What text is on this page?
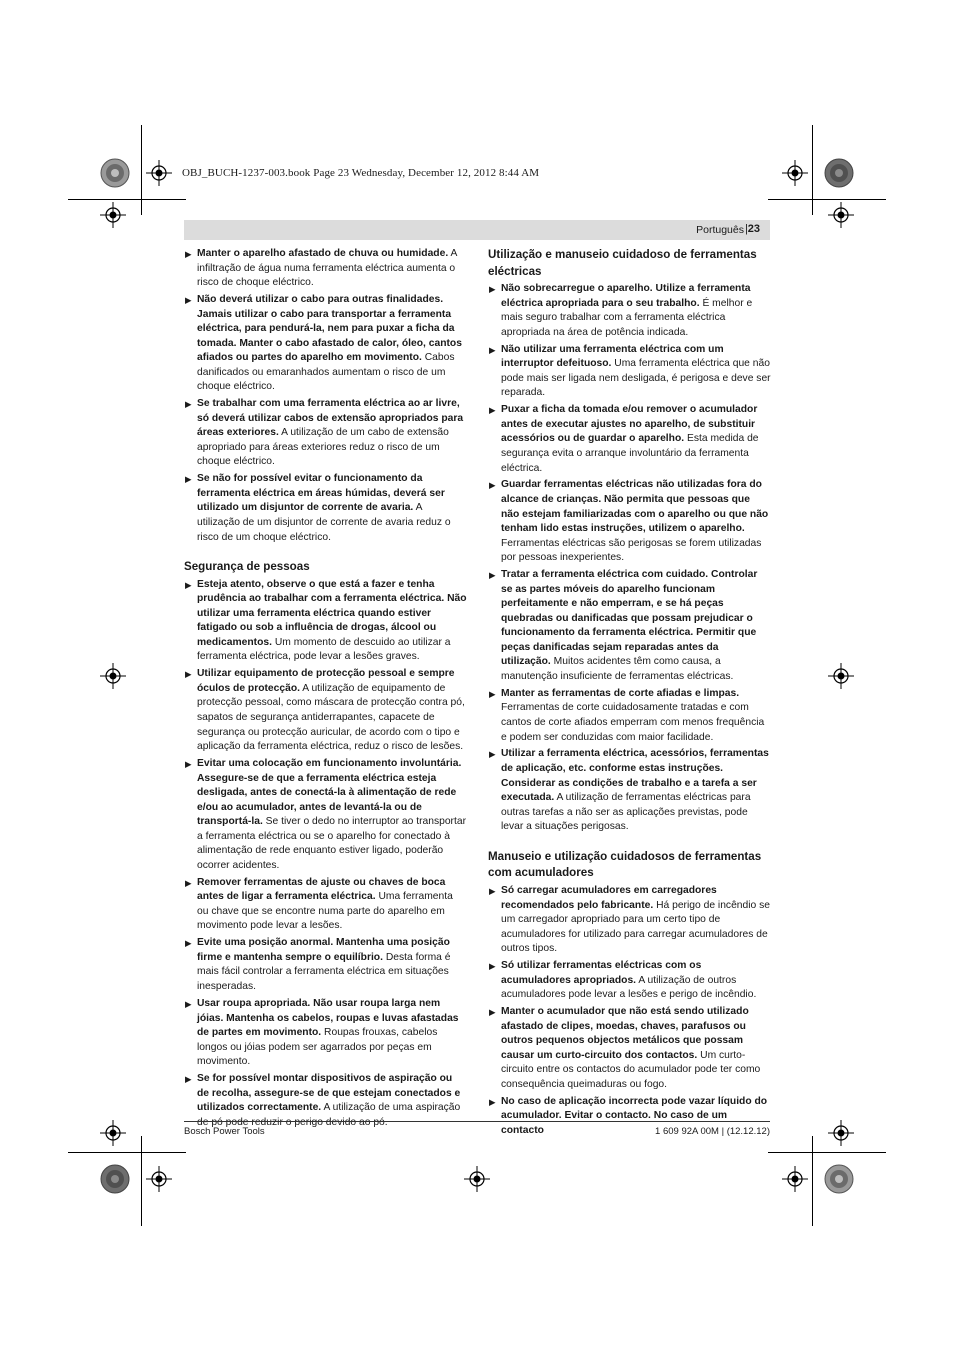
OBJ_BUCH-1237-003.book Page 23 Wednesday, December 12, 2012 8:44 AM
Português | 23
▶ Manter o aparelho afastado de chuva ou humidade. A infiltração de água numa ferramenta eléctrica aumenta o risco de choque eléctrico.
▶ Não deverá utilizar o cabo para outras finalidades. Jamais utilizar o cabo para transportar a ferramenta eléctrica, para pendurá-la, nem para puxar a ficha da tomada. Manter o cabo afastado de calor, óleo, cantos afiados ou partes do aparelho em movimento. Cabos danificados ou emaranhados aumentam o risco de um choque eléctrico.
▶ Se trabalhar com uma ferramenta eléctrica ao ar livre, só deverá utilizar cabos de extensão apropriados para áreas exteriores. A utilização de um cabo de extensão apropriado para áreas exteriores reduz o risco de um choque eléctrico.
▶ Se não for possível evitar o funcionamento da ferramenta eléctrica em áreas húmidas, deverá ser utilizado um disjuntor de corrente de avaria. A utilização de um disjuntor de corrente de avaria reduz o risco de um choque eléctrico.
Segurança de pessoas
▶ Esteja atento, observe o que está a fazer e tenha prudência ao trabalhar com a ferramenta eléctrica. Não utilizar uma ferramenta eléctrica quando estiver fatigado ou sob a influência de drogas, álcool ou medicamentos. Um momento de descuido ao utilizar a ferramenta eléctrica, pode levar a lesões graves.
▶ Utilizar equipamento de protecção pessoal e sempre óculos de protecção. A utilização de equipamento de protecção pessoal, como máscara de protecção contra pó, sapatos de segurança antiderrapantes, capacete de segurança ou protecção auricular, de acordo com o tipo e aplicação da ferramenta eléctrica, reduz o risco de lesões.
▶ Evitar uma colocação em funcionamento involuntária. Assegure-se de que a ferramenta eléctrica esteja desligada, antes de conectá-la à alimentação de rede e/ou ao acumulador, antes de levantá-la ou de transportá-la. Se tiver o dedo no interruptor ao transportar a ferramenta eléctrica ou se o aparelho for conectado à alimentação de rede enquanto estiver ligado, poderão ocorrer acidentes.
▶ Remover ferramentas de ajuste ou chaves de boca antes de ligar a ferramenta eléctrica. Uma ferramenta ou chave que se encontre numa parte do aparelho em movimento pode levar a lesões.
▶ Evite uma posição anormal. Mantenha uma posição firme e mantenha sempre o equilíbrio. Desta forma é mais fácil controlar a ferramenta eléctrica em situações inesperadas.
▶ Usar roupa apropriada. Não usar roupa larga nem jóias. Mantenha os cabelos, roupas e luvas afastadas de partes em movimento. Roupas frouxas, cabelos longos ou jóias podem ser agarrados por peças em movimento.
▶ Se for possível montar dispositivos de aspiração ou de recolha, assegure-se de que estejam conectados e utilizados correctamente. A utilização de uma aspiração de pó pode reduzir o perigo devido ao pó.
Utilização e manuseio cuidadoso de ferramentas eléctricas
▶ Não sobrecarregue o aparelho. Utilize a ferramenta eléctrica apropriada para o seu trabalho. É melhor e mais seguro trabalhar com a ferramenta eléctrica apropriada na área de potência indicada.
▶ Não utilizar uma ferramenta eléctrica com um interruptor defeituoso. Uma ferramenta eléctrica que não pode mais ser ligada nem desligada, é perigosa e deve ser reparada.
▶ Puxar a ficha da tomada e/ou remover o acumulador antes de executar ajustes no aparelho, de substituir acessórios ou de guardar o aparelho. Esta medida de segurança evita o arranque involuntário da ferramenta eléctrica.
▶ Guardar ferramentas eléctricas não utilizadas fora do alcance de crianças. Não permita que pessoas que não estejam familiarizadas com o aparelho ou que não tenham lido estas instruções, utilizem o aparelho. Ferramentas eléctricas são perigosas se forem utilizadas por pessoas inexperientes.
▶ Tratar a ferramenta eléctrica com cuidado. Controlar se as partes móveis do aparelho funcionam perfeitamente e não emperram, e se há peças quebradas ou danificadas que possam prejudicar o funcionamento da ferramenta eléctrica. Permitir que peças danificadas sejam reparadas antes da utilização. Muitos acidentes têm como causa, a manutenção insuficiente de ferramentas eléctricas.
▶ Manter as ferramentas de corte afiadas e limpas. Ferramentas de corte cuidadosamente tratadas e com cantos de corte afiados emperram com menos frequência e podem ser conduzidas com maior facilidade.
▶ Utilizar a ferramenta eléctrica, acessórios, ferramentas de aplicação, etc. conforme estas instruções. Considerar as condições de trabalho e a tarefa a ser executada. A utilização de ferramentas eléctricas para outras tarefas a não ser as aplicações previstas, pode levar a situações perigosas.
Manuseio e utilização cuidadosos de ferramentas com acumuladores
▶ Só carregar acumuladores em carregadores recomendados pelo fabricante. Há perigo de incêndio se um carregador apropriado para um certo tipo de acumuladores for utilizado para carregar acumuladores de outros tipos.
▶ Só utilizar ferramentas eléctricas com os acumuladores apropriados. A utilização de outros acumuladores pode levar a lesões e perigo de incêndio.
▶ Manter o acumulador que não está sendo utilizado afastado de clipes, moedas, chaves, parafusos ou outros pequenos objectos metálicos que possam causar um curto-circuito dos contactos. Um curto-circuito entre os contactos do acumulador pode ter como consequência queimaduras ou fogo.
▶ No caso de aplicação incorrecta pode vazar líquido do acumulador. Evitar o contacto. No caso de um contacto
Bosch Power Tools	1 609 92A 00M | (12.12.12)
